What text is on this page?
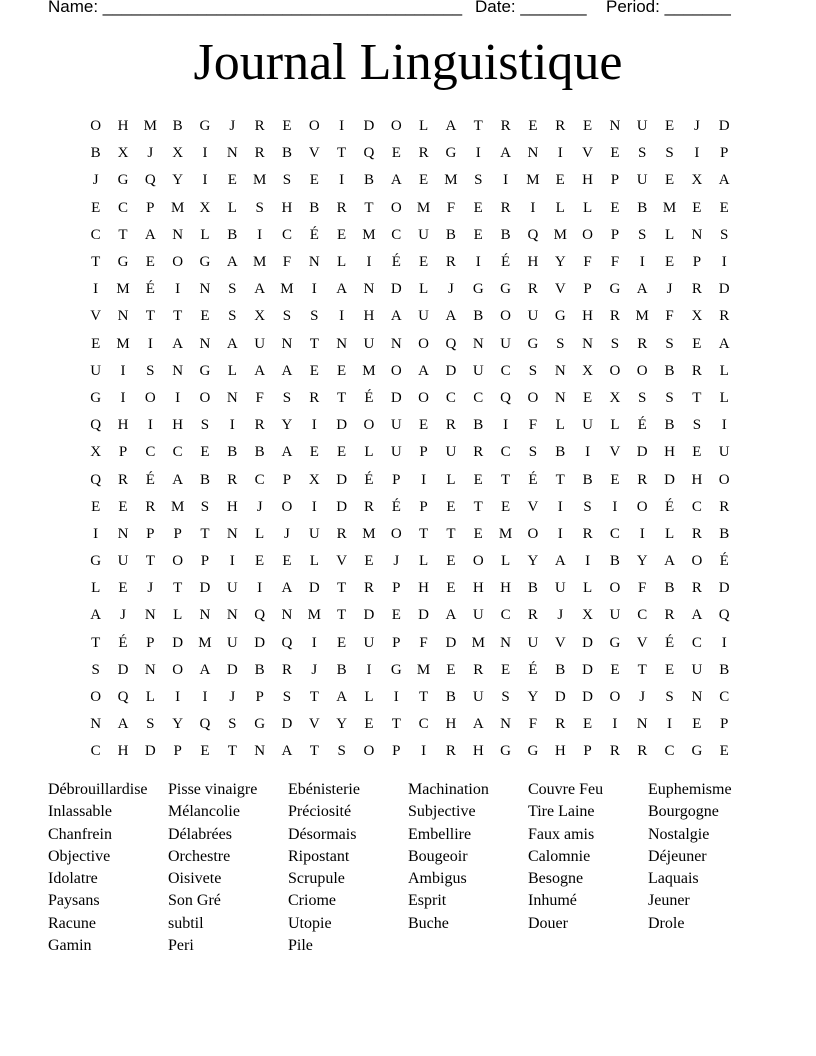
Name: ______________________________________

Date: _______

Period: _______

Journal Linguistique
O	H	M	B	G	J	R	E	O	I	D	O	L	A	T	R	E	R	E	N	U	E	J	D
B	X	J	X	I	N	R	B	V	T	Q	E	R	G	I	A	N	I	V	E	S	S	I	P
J	G	Q	Y	I	E	M	S	E	I	B	A	E	M	S	I	M	E	H	P	U	E	X	A
E	C	P	M	X	L	S	H	B	R	T	O	M	F	E	R	I	L	L	E	B	M	E	E
C	T	A	N	L	B	I	C	É	E	M	C	U	B	E	B	Q	M	O	P	S	L	N	S
T	G	E	O	G	A	M	F	N	L	I	É	E	R	I	É	H	Y	F	F	I	E	P	I
I	M	É	I	N	S	A	M	I	A	N	D	L	J	G	G	R	V	P	G	A	J	R	D
V	N	T	T	E	S	X	S	S	I	H	A	U	A	B	O	U	G	H	R	M	F	X	R
E	M	I	A	N	A	U	N	T	N	U	N	O	Q	N	U	G	S	N	S	R	S	E	A
U	I	S	N	G	L	A	A	E	E	M	O	A	D	U	C	S	N	X	O	O	B	R	L
G	I	O	I	O	N	F	S	R	T	É	D	O	C	C	Q	O	N	E	X	S	S	T	L
Q	H	I	H	S	I	R	Y	I	D	O	U	E	R	B	I	F	L	U	L	É	B	S	I
X	P	C	C	E	B	B	A	E	E	L	U	P	U	R	C	S	B	I	V	D	H	E	U
Q	R	É	A	B	R	C	P	X	D	É	P	I	L	E	T	É	T	B	E	R	D	H	O
E	E	R	M	S	H	J	O	I	D	R	É	P	E	T	E	V	I	S	I	O	É	C	R
I	N	P	P	T	N	L	J	U	R	M	O	T	T	E	M	O	I	R	C	I	L	R	B
G	U	T	O	P	I	E	E	L	V	E	J	L	E	O	L	Y	A	I	B	Y	A	O	É
L	E	J	T	D	U	I	A	D	T	R	P	H	E	H	H	B	U	L	O	F	B	R	D
A	J	N	L	N	N	Q	N	M	T	D	E	D	A	U	C	R	J	X	U	C	R	A	Q
T	É	P	D	M	U	D	Q	I	E	U	P	F	D	M	N	U	V	D	G	V	É	C	I
S	D	N	O	A	D	B	R	J	B	I	G	M	E	R	E	É	B	D	E	T	E	U	B
O	Q	L	I	I	J	P	S	T	A	L	I	T	B	U	S	Y	D	D	O	J	S	N	C
N	A	S	Y	Q	S	G	D	V	Y	E	T	C	H	A	N	F	R	E	I	N	I	E	P
C	H	D	P	E	T	N	A	T	S	O	P	I	R	H	G	G	H	P	R	R	C	G	E
Débrouillardise
Inlassable
Chanfrein
Objective
Idolatre
Paysans
Racune
Gamin
Pisse vinaigre
Mélancolie
Délabrées
Orchestre
Oisivete
Son Gré
subtil
Peri
Ebénisterie
Préciosité
Désormais
Ripostant
Scrupule
Criome
Utopie
Pile
Machination
Subjective
Embellire
Bougeoir
Ambigus
Esprit
Buche
Couvre Feu
Tire Laine
Faux amis
Calomnie
Besogne
Inhumé
Douer
Euphemisme
Bourgogne
Nostalgie
Déjeuner
Laquais
Jeuner
Drole
